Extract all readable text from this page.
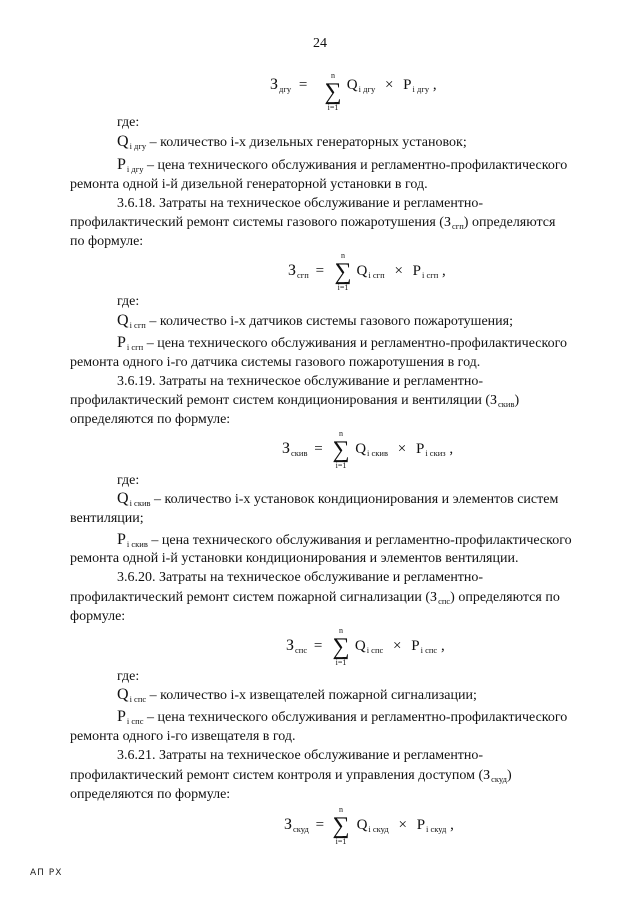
24
$З_{дгу}$ =
n
∑
i=1
$Q_{i дгу} \times P_{i дгу}$ ,
где:
$Q_{i дгу}$ – количество i-х дизельных генераторных установок;
$P_{i дгу}$ – цена технического обслуживания и регламентно-профилактического
ремонта одной i-й дизельной генераторной установки в год.
3.6.18. Затраты на техническое обслуживание и регламентно-
профилактический ремонт системы газового пожаротушения $(З_{сгп})$ определяются
по формуле:
$З_{сгп}$ =
n
∑
i=1
$Q_{i сгп} \times P_{i сгп}$ ,
где:
$Q_{i сгп}$ – количество i-х датчиков системы газового пожаротушения;
$P_{i сгп}$ – цена технического обслуживания и регламентно-профилактического
ремонта одного i-го датчика системы газового пожаротушения в год.
3.6.19. Затраты на техническое обслуживание и регламентно-
профилактический ремонт систем кондиционирования и вентиляции $(З_{скив})$
определяются по формуле:
$З_{скив}$ =
n
∑
i=1
$Q_{i скив} \times P_{i скиз}$ ,
где:
$Q_{i скив}$ – количество i-х установок кондиционирования и элементов систем
вентиляции;
$P_{i скив}$ – цена технического обслуживания и регламентно-профилактического
ремонта одной i-й установки кондиционирования и элементов вентиляции.
3.6.20. Затраты на техническое обслуживание и регламентно-
профилактический ремонт систем пожарной сигнализации $(З_{спс})$ определяются по
формуле:
$З_{спс}$ =
n
∑
i=1
$Q_{i спс} \times P_{i спс}$ ,
где:
$Q_{i спс}$ – количество i-х извещателей пожарной сигнализации;
$P_{i спс}$ – цена технического обслуживания и регламентно-профилактического
ремонта одного i-го извещателя в год.
3.6.21. Затраты на техническое обслуживание и регламентно-
профилактический ремонт систем контроля и управления доступом $(З_{скуд})$
определяются по формуле:
$З_{скуд}$ =
n
∑
i=1
$Q_{i скуд} \times P_{i скуд}$ ,
АП РХ
